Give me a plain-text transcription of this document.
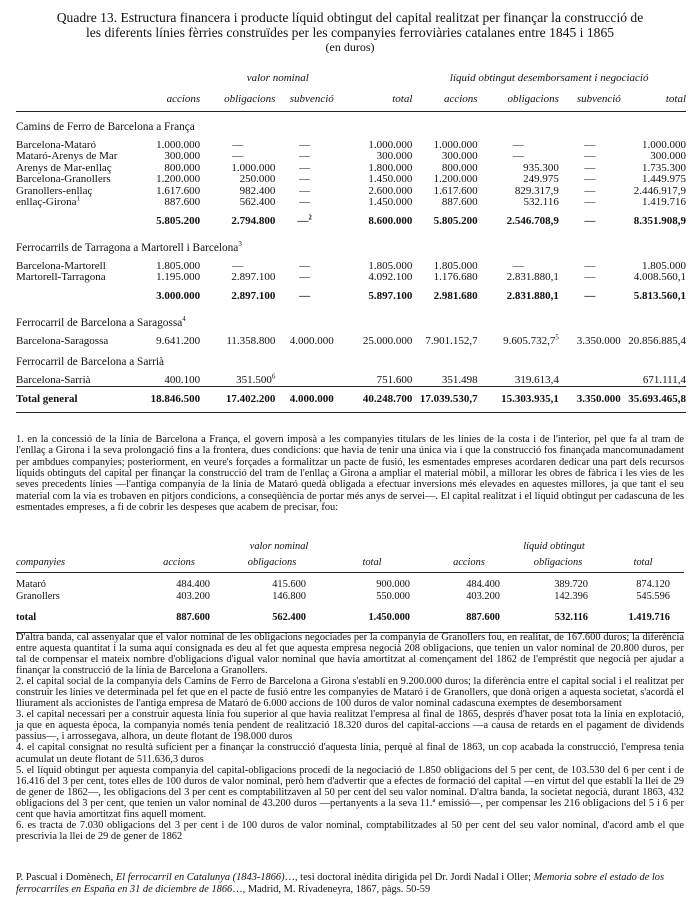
Quadre 13. Estructura financera i producte líquid obtingut del capital realitzat per finançar la construcció de
les diferents línies fèrries construïdes per les companyies ferroviàries catalanes entre 1845 i 1865
(en duros)
	valor nominal				líquid obtingut desemborsament i negociació			
	accions	obligacions	subvenció	total	accions	obligacions	subvenció	total
Camins de Ferro de Barcelona a França								
Barcelona-Mataró	1.000.000	—	—	1.000.000	1.000.000	—	—	1.000.000
Mataró-Arenys de Mar	300.000	—	—	300.000	300.000	—	—	300.000
Arenys de Mar-enllaç	800.000	1.000.000	—	1.800.000	800.000	935.300	—	1.735.300
Barcelona-Granollers	1.200.000	250.000	—	1.450.000	1.200.000	249.975	—	1.449.975
Granollers-enllaç	1.617.600	982.400	—	2.600.000	1.617.600	829.317,9	—	2.446.917,9
enllaç-Girona$^1$	887.600	562.400	—	1.450.000	887.600	532.116	—	1.419.716
	5.805.200	2.794.800	—$^2$	8.600.000	5.805.200	2.546.708,9	—	8.351.908,9
Ferrocarrils de Tarragona a Martorell i Barcelona$^3$
Barcelona-Martorell	1.805.000	—	—	1.805.000	1.805.000	—	—	1.805.000
Martorell-Tarragona	1.195.000	2.897.100	—	4.092.100	1.176.680	2.831.880,1	—	4.008.560,1
	3.000.000	2.897.100	—	5.897.100	2.981.680	2.831.880,1	—	5.813.560,1
Ferrocarril de Barcelona a Saragossa$^4$
Barcelona-Saragossa	9.641.200	11.358.800	4.000.000	25.000.000	7.901.152,7	9.605.732,7$^5$	3.350.000	20.856.885,4
Ferrocarril de Barcelona a Sarrià								
Barcelona-Sarrià	400.100	351.500$^6$		751.600	351.498	319.613,4		671.111,4
Total general	18.846.500	17.402.200	4.000.000	40.248.700	17.039.530,7	15.303.935,1	3.350.000	35.693.465,8

1. en la concessió de la línia de Barcelona a França, el govern imposà a les companyies titulars de les línies de la costa i de l'interior, pel que fa al tram de l'enllaç a Girona i la seva prolongació fins a la frontera, dues condicions: que havia de tenir una única via i que la construcció fos finançada mancomunadament per ambdues companyies; posteriorment, en veure's forçades a formalitzar un pacte de fusió, les esmentades empreses acordaren dedicar una part dels recursos líquids obtinguts del capital per finançar la construcció del tram de l'enllaç a Girona a ampliar el material mòbil, a millorar les obres de fàbrica i les vies de les seves precedents línies —l'antiga companyia de la línia de Mataró quedà obligada a efectuar inversions més elevades en aquestes millores, ja que tant el seu material com la via es trobaven en pitjors condicions, a conseqüència de portar més anys de servei—. El capital realitzat i el líquid obtingut per cadascuna de les esmentades empreses, a fi de cobrir les despeses que acabem de precisar, fou:

	valor nominal			líquid obtingut		
companyies	accions	obligacions	total	accions	obligacions	total
Mataró	484.400	415.600	900.000	484.400	389.720	874.120
Granollers	403.200	146.800	550.000	403.200	142.396	545.596
total	887.600	562.400	1.450.000	887.600	532.116	1.419.716

D'altra banda, cal assenyalar que el valor nominal de les obligacions negociades per la companyia de Granollers fou, en realitat, de 167.600 duros; la diferència entre aquesta quantitat i la suma aquí consignada es deu al fet que aquesta empresa negocià 208 obligacions, que tenien un valor nominal de 20.800 duros, per tal de compensar el mateix nombre d'obligacions d'igual valor nominal que havia amortitzat al començament del 1862 de l'empréstit que negocià per ajudar a finançar la construcció de la línia de Barcelona a Granollers.

2. el capital social de la companyia dels Camins de Ferro de Barcelona a Girona s'establí en 9.200.000 duros; la diferència entre el capital social i el realitzat per construir les línies ve determinada pel fet que en el pacte de fusió entre les companyies de Mataró i de Granollers, que donà origen a aquesta societat, s'acordà el lliurament als accionistes de l'antiga empresa de Mataró de 6.000 accions de 100 duros de valor nominal cadascuna exemptes de desemborsament

3. el capital necessari per a construir aquesta línia fou superior al que havia realitzat l'empresa al final de 1865, després d'haver posat tota la línia en explotació, ja que en aquesta època, la companyia només tenia pendent de realització 18.320 duros del capital-accions —a causa de retards en el pagament de dividends passius—, i arrossegava, alhora, un deute flotant de 198.000 duros

4. el capital consignat no resultà suficient per a finançar la construcció d'aquesta línia, perquè al final de 1863, un cop acabada la construcció, l'empresa tenia acumulat un deute flotant de 511.636,3 duros

5. el líquid obtingut per aquesta companyia del capital-obligacions procedí de la negociació de 1.850 obligacions del 5 per cent, de 103.530 del 6 per cent i de 16.416 del 3 per cent, totes elles de 100 duros de valor nominal, però hem d'advertir que a efectes de formació del capital —en virtut del que establí la llei de 29 de gener de 1862—, les obligacions del 3 per cent es comptabilitzaven al 50 per cent del seu valor nominal. D'altra banda, la societat negocià, durant 1863, 432 obligacions del 3 per cent, que tenien un valor nominal de 43.200 duros —pertanyents a la seva 11.ª emissió—, per compensar les 216 obligacions del 5 i 6 per cent que havia amortitzat fins aquell moment.

6. es tracta de 7.030 obligacions del 3 per cent i de 100 duros de valor nominal, comptabilitzades al 50 per cent del seu valor nominal, d'acord amb el que prescrivia la llei de 29 de gener de 1862

P. Pascual i Domènech, El ferrocarril en Catalunya (1843-1866)…, tesi doctoral inèdita dirigida pel Dr. Jordi Nadal i Oller; Memoria sobre el estado de los ferrocarriles en España en 31 de diciembre de 1866…, Madrid, M. Rivadeneyra, 1867, pàgs. 50-59
